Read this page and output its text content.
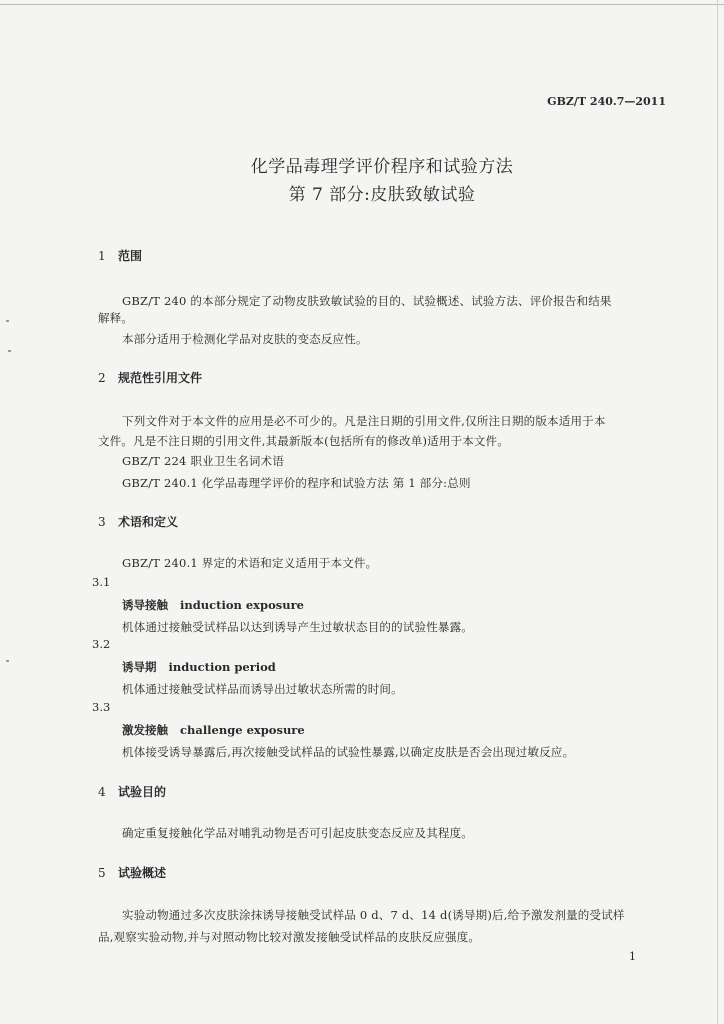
GBZ/T 240.7—2011
化学品毒理学评价程序和试验方法
第 7 部分:皮肤致敏试验
1 范围
GBZ/T 240 的本部分规定了动物皮肤致敏试验的目的、试验概述、试验方法、评价报告和结果
解释。
本部分适用于检测化学品对皮肤的变态反应性。
2 规范性引用文件
下列文件对于本文件的应用是必不可少的。凡是注日期的引用文件,仅所注日期的版本适用于本
文件。凡是不注日期的引用文件,其最新版本(包括所有的修改单)适用于本文件。
GBZ/T 224 职业卫生名词术语
GBZ/T 240.1 化学品毒理学评价的程序和试验方法 第 1 部分:总则
3 术语和定义
GBZ/T 240.1 界定的术语和定义适用于本文件。
3.1
诱导接触 induction exposure
机体通过接触受试样品以达到诱导产生过敏状态目的的试验性暴露。
3.2
诱导期 induction period
机体通过接触受试样品而诱导出过敏状态所需的时间。
3.3
激发接触 challenge exposure
机体接受诱导暴露后,再次接触受试样品的试验性暴露,以确定皮肤是否会出现过敏反应。
4 试验目的
确定重复接触化学品对哺乳动物是否可引起皮肤变态反应及其程度。
5 试验概述
实验动物通过多次皮肤涂抹诱导接触受试样品 0 d、7 d、14 d(诱导期)后,给予激发剂量的受试样
品,观察实验动物,并与对照动物比较对激发接触受试样品的皮肤反应强度。
1
